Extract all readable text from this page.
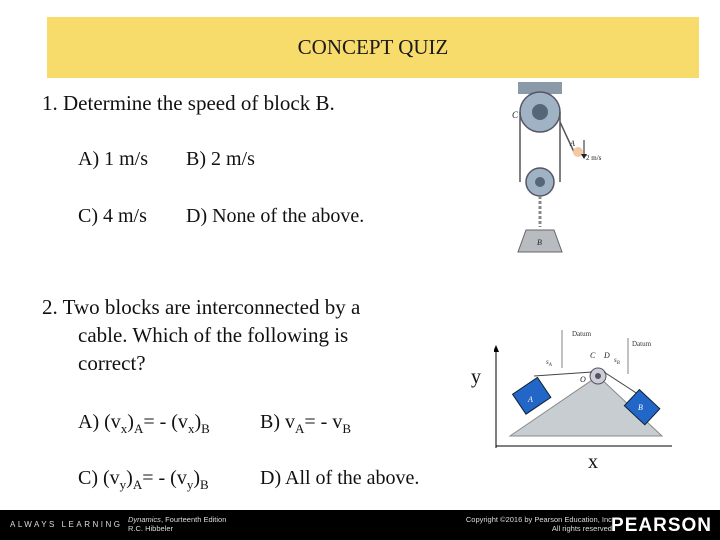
CONCEPT QUIZ
1. Determine the speed of block B.
A) 1 m/s B) 2 m/s
C) 4 m/s D) None of the above.
2. Two blocks are interconnected by a
cable. Which of the following is
correct?
A) $(v_x)_A= - (v_x)_B$	B) $v_A= - v_B$
C) $(v_y)_A= - (v_y)_B$	D) All of the above.
y
x
C
A
2 m/s
B
Datum
Datum
$s_A$
$s_B$
C D
O
A
B
ALWAYS LEARNING
Dynamics, Fourteenth Edition
R.C. Hibbeler
Copyright ©2016 by Pearson Education, Inc.
All rights reserved.
PEARSON
